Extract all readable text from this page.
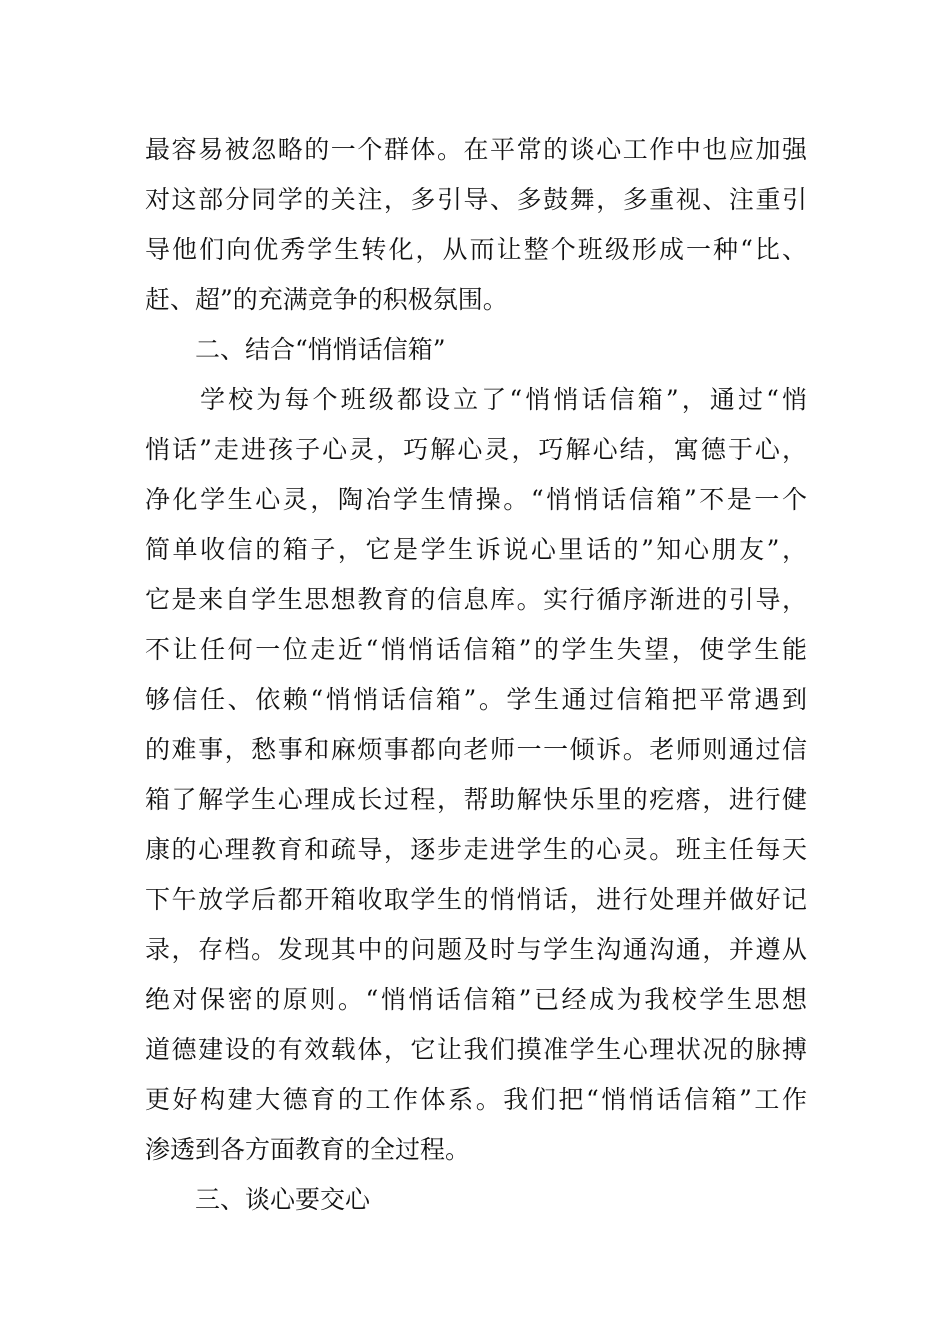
最容易被忽略的一个群体。在平常的谈心工作中也应加强
对这部分同学的关注，多引导、多鼓舞，多重视、注重引
导他们向优秀学生转化，从而让整个班级形成一种“比、
赶、超”的充满竞争的积极氛围。
二、结合“悄悄话信箱”
学校为每个班级都设立了“悄悄话信箱”，通过“悄
悄话”走进孩子心灵，巧解心灵，巧解心结，寓德于心，
净化学生心灵，陶冶学生情操。“悄悄话信箱”不是一个
简单收信的箱子，它是学生诉说心里话的”知心朋友”，
它是来自学生思想教育的信息库。实行循序渐进的引导，
不让任何一位走近“悄悄话信箱”的学生失望，使学生能
够信任、依赖“悄悄话信箱”。学生通过信箱把平常遇到
的难事，愁事和麻烦事都向老师一一倾诉。老师则通过信
箱了解学生心理成长过程，帮助解快乐里的疙瘩，进行健
康的心理教育和疏导，逐步走进学生的心灵。班主任每天
下午放学后都开箱收取学生的悄悄话，进行处理并做好记
录，存档。发现其中的问题及时与学生沟通沟通，并遵从
绝对保密的原则。“悄悄话信箱”已经成为我校学生思想
道德建设的有效载体，它让我们摸准学生心理状况的脉搏
更好构建大德育的工作体系。我们把“悄悄话信箱”工作
渗透到各方面教育的全过程。
三、谈心要交心
